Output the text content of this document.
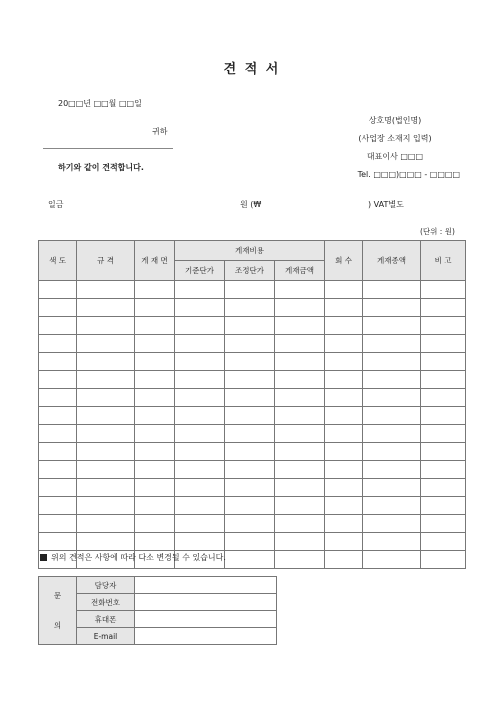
견 적 서
20□□년 □□월 □□일
귀하
하기와 같이 견적합니다.
상호명(법인명)
(사업장 소재지 입력)
대표이사 □□□
Tel. □□□)□□□ - □□□□
일금	원 (₩	) VAT별도
(단위 : 원)
색 도	규 격	게 재 면	게재비용			회 수	게재종액	비 고
			기준단가	조정단가	게재금액			

위의 견적은 사항에 따라 다소 변경될 수 있습니다.
문
의	담당자	
	전화번호	
	휴대폰	
	E-mail	
